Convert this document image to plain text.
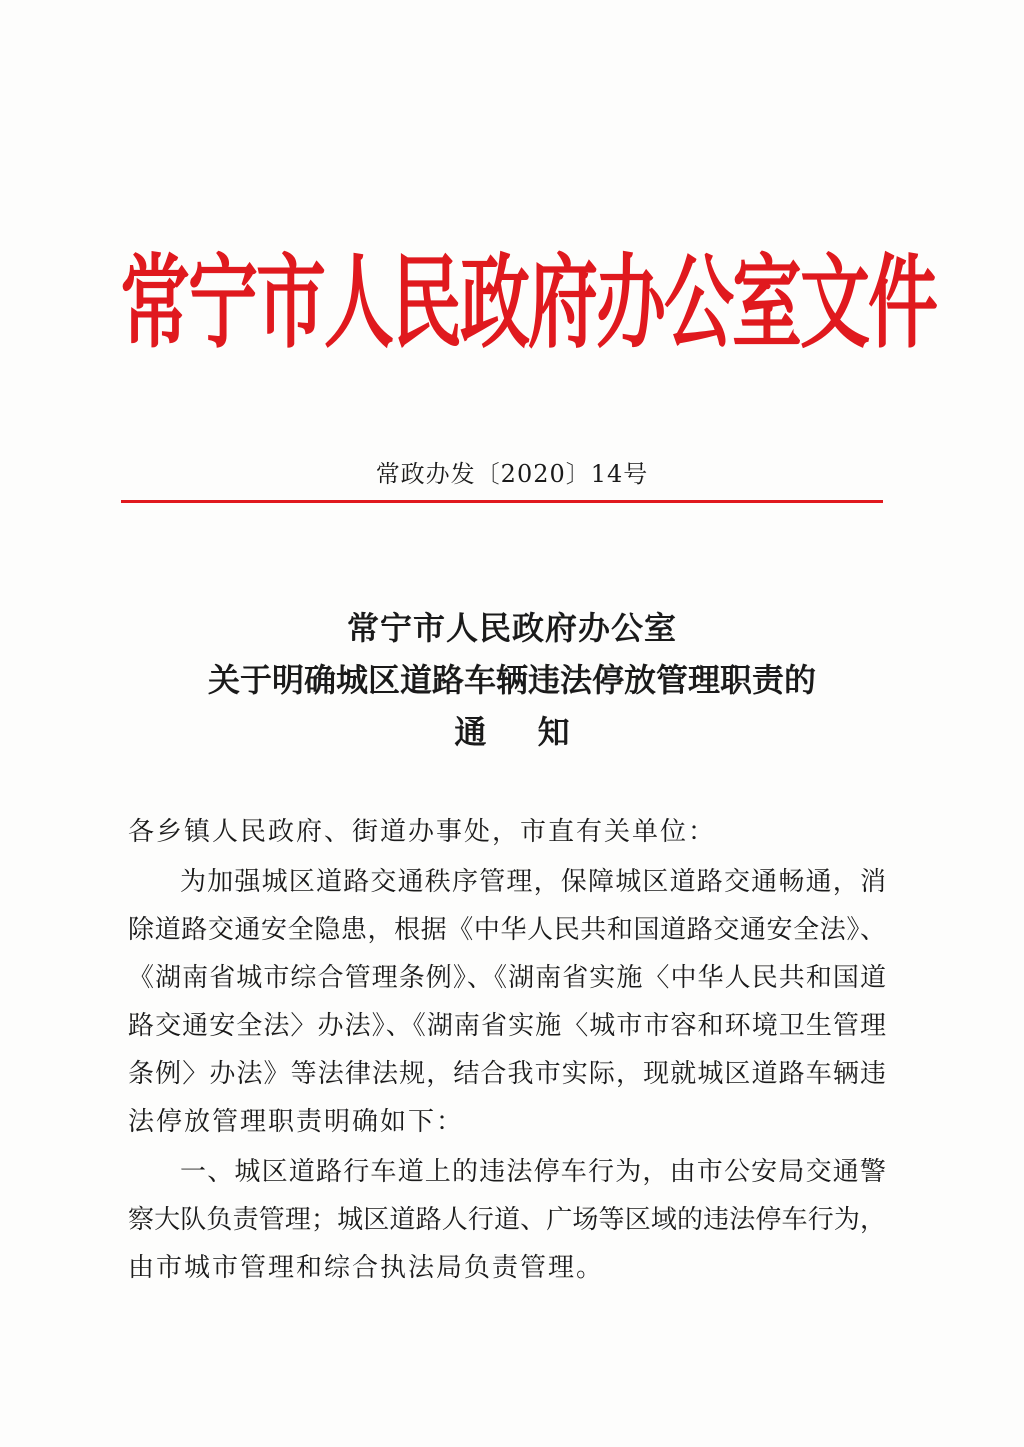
常宁市人民政府办公室文件
常政办发〔2020〕14号
常宁市人民政府办公室
关于明确城区道路车辆违法停放管理职责的
通 知
各乡镇人民政府、街道办事处，市直有关单位：
为加强城区道路交通秩序管理，保障城区道路交通畅通，消
除道路交通安全隐患，根据《中华人民共和国道路交通安全法》、
《湖南省城市综合管理条例》、《湖南省实施〈中华人民共和国道
路交通安全法〉办法》、《湖南省实施〈城市市容和环境卫生管理
条例〉办法》等法律法规，结合我市实际，现就城区道路车辆违
法停放管理职责明确如下：
一、城区道路行车道上的违法停车行为，由市公安局交通警
察大队负责管理；城区道路人行道、广场等区域的违法停车行为，
由市城市管理和综合执法局负责管理。
